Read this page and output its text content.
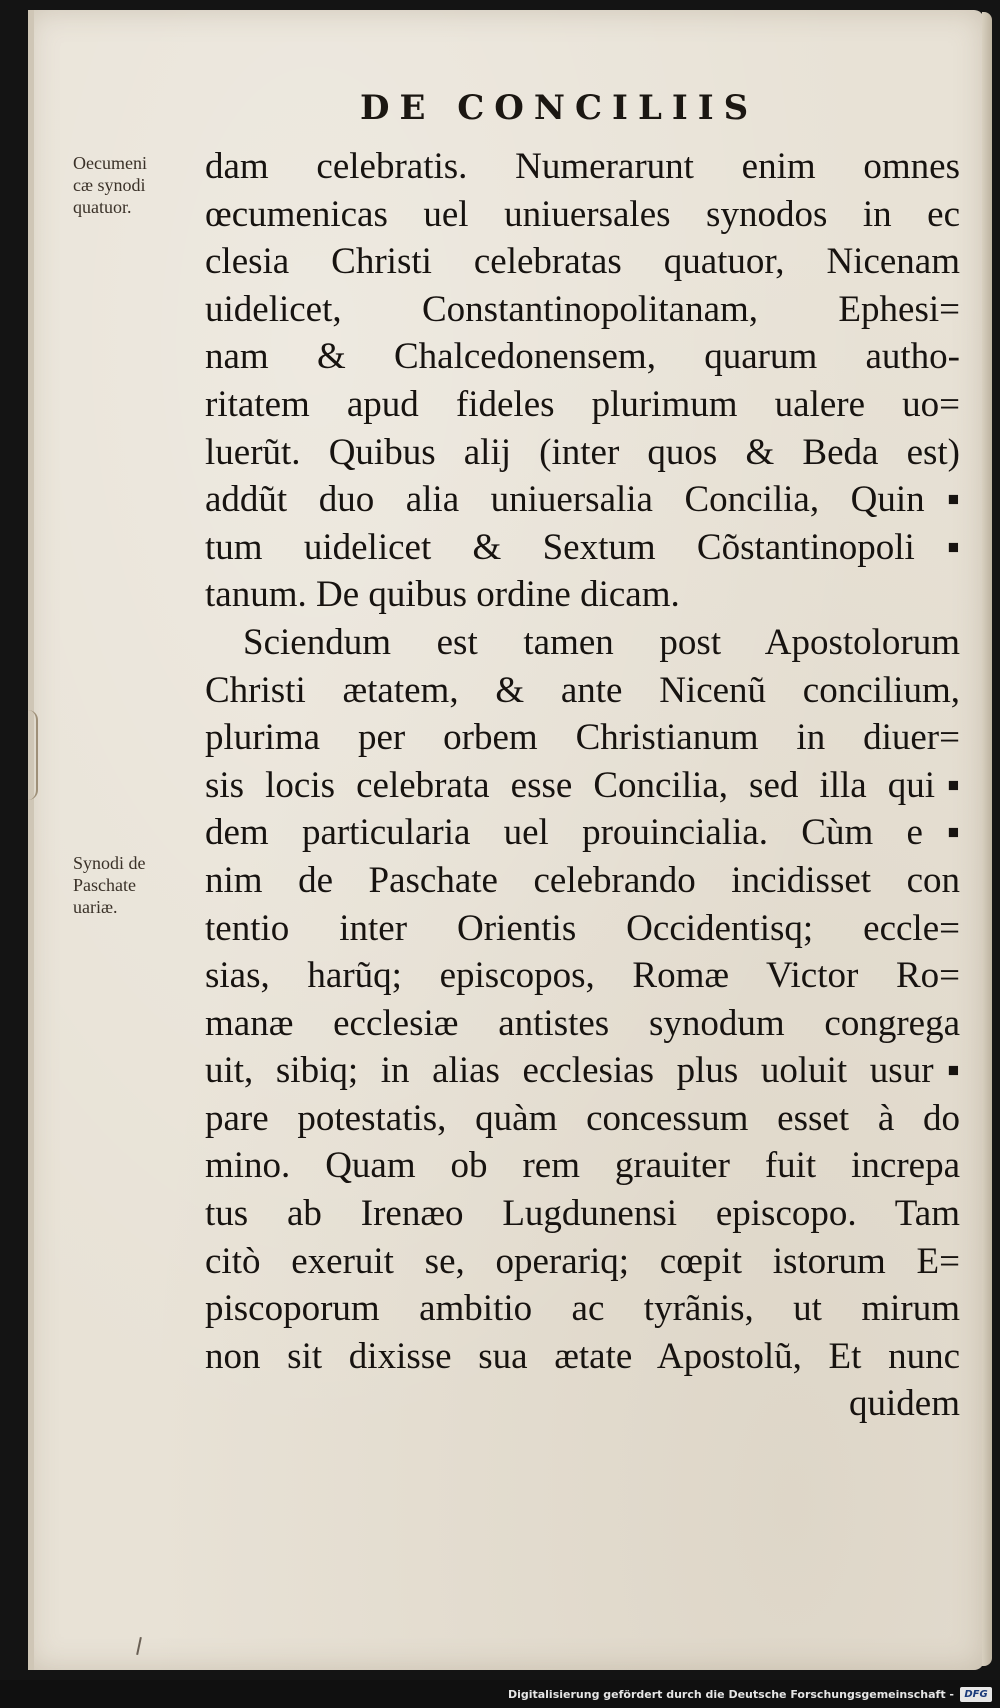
DE CONCILIIS
Oecumeni
cæ synodi
quatuor.
Synodi de
Paschate
uariæ.
dam celebratis. Numerarunt enim omnes
œcumenicas uel uniuersales synodos in ec
clesia Christi celebratas quatuor, Nicenam
uidelicet, Constantinopolitanam, Ephesi=
nam & Chalcedonensem, quarum autho-
ritatem apud fideles plurimum ualere uo=
luerũt. Quibus alij (inter quos & Beda est)
addũt duo alia uniuersalia Concilia, Quin▪
tum uidelicet & Sextum Cõstantinopoli▪
tanum. De quibus ordine dicam.
Sciendum est tamen post Apostolorum
Christi ætatem, & ante Nicenũ concilium,
plurima per orbem Christianum in diuer=
sis locis celebrata esse Concilia, sed illa qui▪
dem particularia uel prouincialia. Cùm e▪
nim de Paschate celebrando incidisset con
tentio inter Orientis Occidentisq; eccle=
sias, harũq; episcopos, Romæ Victor Ro=
manæ ecclesiæ antistes synodum congrega
uit, sibiq; in alias ecclesias plus uoluit usur▪
pare potestatis, quàm concessum esset à do
mino. Quam ob rem grauiter fuit increpa
tus ab Irenæo Lugdunensi episcopo. Tam
citò exeruit se, operariq; cœpit istorum E=
piscoporum ambitio ac tyrãnis, ut mirum
non sit dixisse sua ætate Apostolũ, Et nunc
quidem
Digitalisierung gefördert durch die Deutsche Forschungsgemeinschaft -	DFG
